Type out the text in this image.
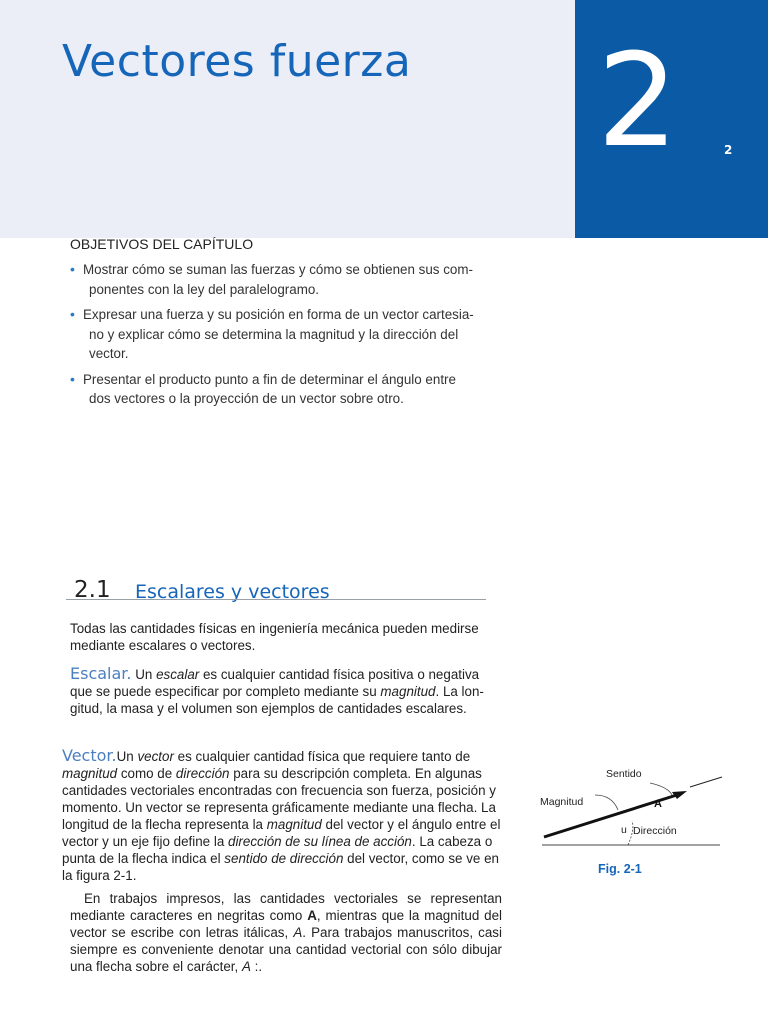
Vectores fuerza 2	2
OBJETIVOS DEL CAPÍTULO
• Mostrar cómo se suman las fuerzas y cómo se obtienen sus com-
ponentes con la ley del paralelogramo.
• Expresar una fuerza y su posición en forma de un vector cartesia-
no y explicar cómo se determina la magnitud y la dirección del
vector.
• Presentar el producto punto a fin de determinar el ángulo entre
dos vectores o la proyección de un vector sobre otro.
2.1 Escalares y vectores

Todas las cantidades físicas en ingeniería mecánica pueden medirse mediante escalares o vectores.

Escalar. Un escalar es cualquier cantidad física positiva o negativa que se puede especificar por completo mediante su magnitud. La lon-gitud, la masa y el volumen son ejemplos de cantidades escalares.

Vector.Un vector es cualquier cantidad física que requiere tanto de magnitud como de dirección para su descripción completa. En algunas cantidades vectoriales encontradas con frecuencia son fuerza, posición y momento. Un vector se representa gráficamente mediante una flecha. La longitud de la flecha representa la magnitud del vector y el ángulo entre el vector y un eje fijo define la dirección de su línea de acción. La cabeza o punta de la flecha indica el sentido de dirección del vector, como se ve en la figura 2-1.

En trabajos impresos, las cantidades vectoriales se representan mediante caracteres en negritas como A, mientras que la magnitud del vector se escribe con letras itálicas, A. Para trabajos manuscritos, casi siempre es conveniente denotar una cantidad vectorial con sólo dibujar una flecha sobre el carácter, A :.

Sentido
Magnitud	A
u Dirección
Fig. 2-1
